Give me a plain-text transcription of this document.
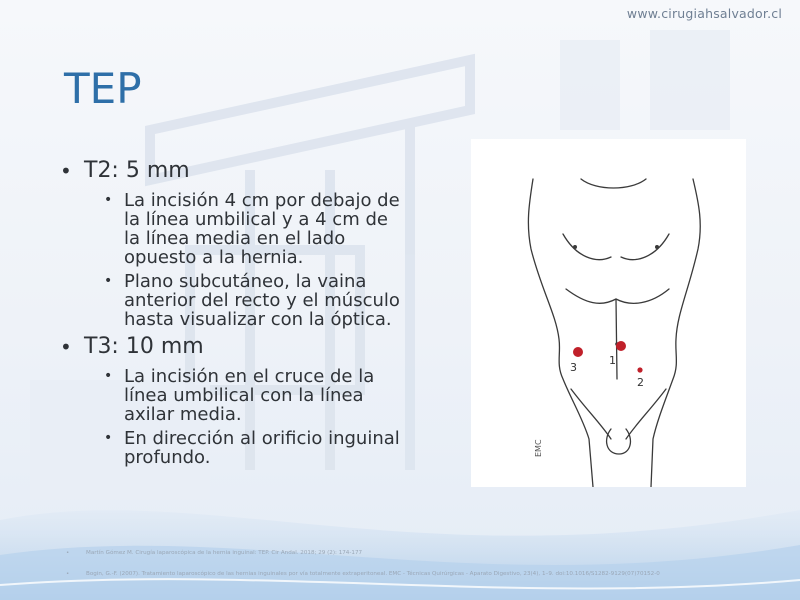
www.cirugiahsalvador.cl
TEP
• T2: 5 mm
• La incisión 4 cm por debajo de la línea umbilical y a 4 cm de la línea media en el lado opuesto a la hernia.
• Plano subcutáneo, la vaina anterior del recto y el músculo hasta visualizar con la óptica.
• T3: 10 mm
• La incisión en el cruce de la línea umbilical con la línea axilar media.
• En dirección al orificio inguinal profundo.
1
2
3
EMC
•	Martín Gómez M. Cirugía laparoscópica de la hernia inguinal: TEP. Cir Andal. 2018; 29 (2): 174-177
•	Bogin, G.-F. (2007). Tratamiento laparoscópico de las hernias inguinales por vía totalmente extraperitoneal. EMC - Técnicas Quirúrgicas - Aparato Digestivo, 23(4), 1–9. doi:10.1016/S1282-9129(07)70152-0
